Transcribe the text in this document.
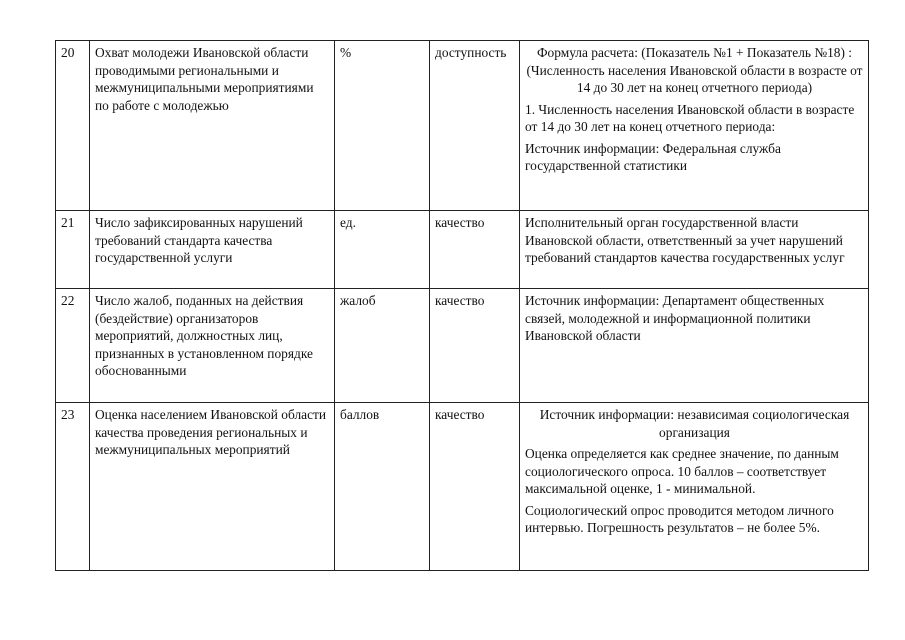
20	Охват молодежи Ивановской области проводимыми региональными и межмуниципальными мероприятиями по работе с молодежью	%	доступность	Формула расчета: (Показатель №1 + Показатель №18) : (Численность населения Ивановской области в возрасте от 14 до 30 лет на конец отчетного периода)

1. Численность населения Ивановской области в возрасте от 14 до 30 лет на конец отчетного периода:

Источник информации: Федеральная служба государственной статистики

21	Число зафиксированных нарушений требований стандарта качества государственной услуги	ед.	качество	Исполнительный орган государственной власти Ивановской области, ответственный за учет нарушений требований стандартов качества государственных услуг

22	Число жалоб, поданных на действия (бездействие) организаторов мероприятий, должностных лиц, признанных в установленном порядке обоснованными	жалоб	качество	Источник информации: Департамент общественных связей, молодежной и информационной политики Ивановской области

23	Оценка населением Ивановской области качества проведения региональных и межмуниципальных мероприятий	баллов	качество	Источник информации: независимая социологическая организация

Оценка определяется как среднее значение, по данным социологического опроса. 10 баллов – соответствует максимальной оценке, 1 - минимальной.

Социологический опрос проводится методом личного интервью. Погрешность результатов – не более 5%.
